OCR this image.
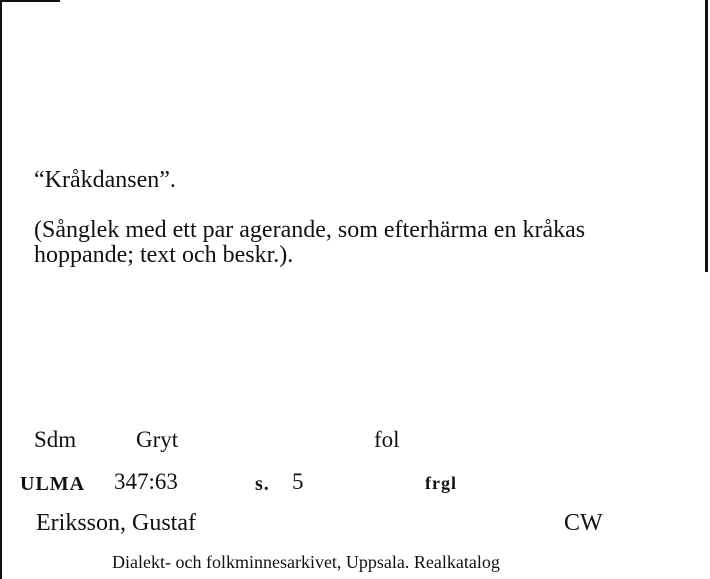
“Kråkdansen”.

(Sånglek med ett par agerande, som efterhärma en kråkas
hoppande; text och beskr.).
Sdm	Gryt	fol
ULMA 347:63	s. 5	frgl
Eriksson, Gustaf	CW
Dialekt- och folkminnesarkivet, Uppsala. Realkatalog
